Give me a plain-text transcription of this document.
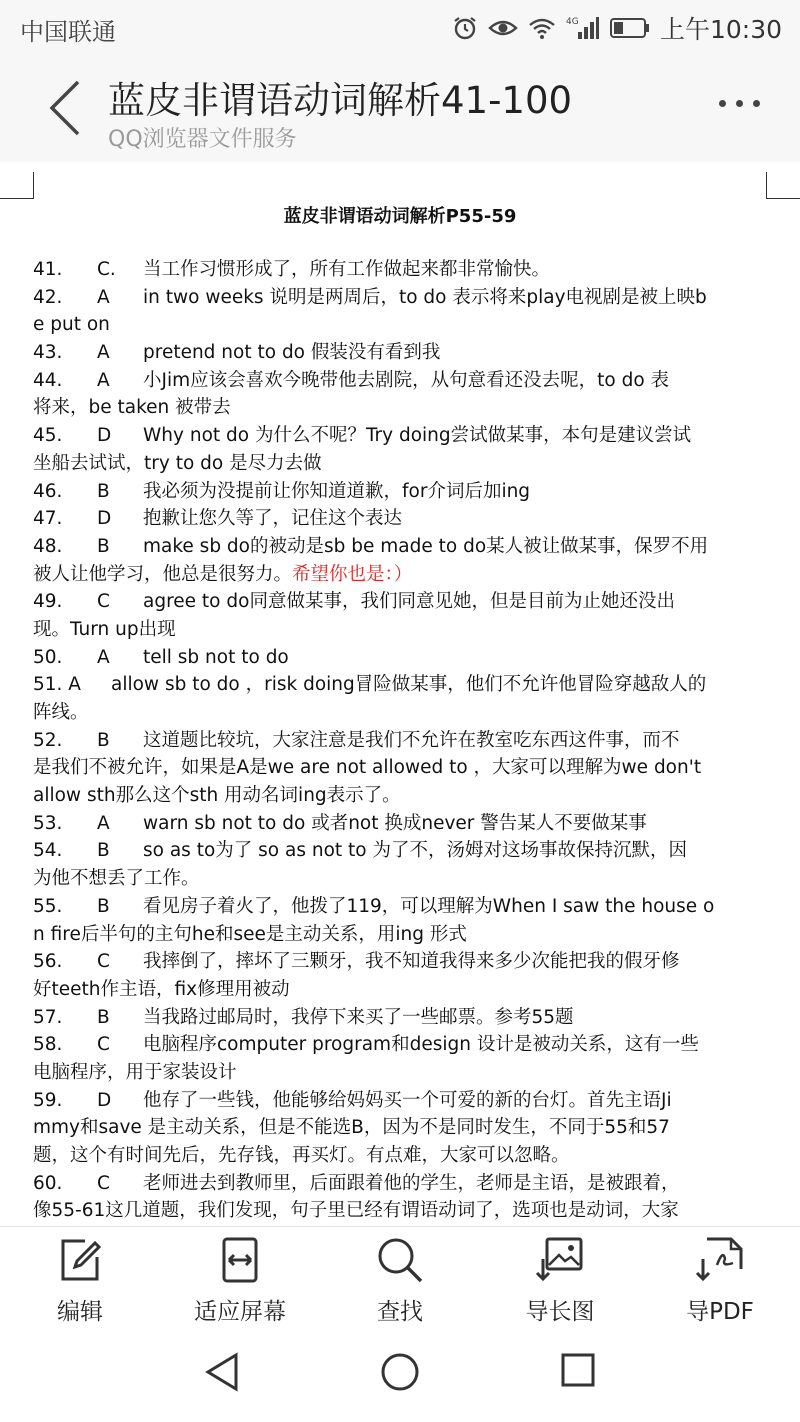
中国联通	4G	上午10:30
蓝皮非谓语动词解析41-100
QQ浏览器文件服务
蓝皮非谓语动词解析P55-59
41. C. 当工作习惯形成了，所有工作做起来都非常愉快。
42. A in two weeks 说明是两周后，to do 表示将来play电视剧是被上映b
e put on
43. A pretend not to do 假装没有看到我
44. A 小Jim应该会喜欢今晚带他去剧院，从句意看还没去呢，to do 表
将来，be taken 被带去
45. D Why not do 为什么不呢？Try doing尝试做某事，本句是建议尝试
坐船去试试，try to do 是尽力去做
46. B 我必须为没提前让你知道道歉，for介词后加ing
47. D 抱歉让您久等了，记住这个表达
48. B make sb do的被动是sb be made to do某人被让做某事，保罗不用
被人让他学习，他总是很努力。希望你也是：）
49. C agree to do同意做某事，我们同意见她，但是目前为止她还没出
现。Turn up出现
50. A tell sb not to do
51. A allow sb to do ，risk doing冒险做某事，他们不允许他冒险穿越敌人的
阵线。
52. B 这道题比较坑，大家注意是我们不允许在教室吃东西这件事，而不
是我们不被允许，如果是A是we are not allowed to ，大家可以理解为we don't
allow sth那么这个sth 用动名词ing表示了。
53. A warn sb not to do 或者not 换成never 警告某人不要做某事
54. B so as to为了 so as not to 为了不，汤姆对这场事故保持沉默，因
为他不想丢了工作。
55. B 看见房子着火了，他拨了119，可以理解为When I saw the house o
n fire后半句的主句he和see是主动关系，用ing 形式
56. C 我摔倒了，摔坏了三颗牙，我不知道我得来多少次能把我的假牙修
好teeth作主语，fix修理用被动
57. B 当我路过邮局时，我停下来买了一些邮票。参考55题
58. C 电脑程序computer program和design 设计是被动关系，这有一些
电脑程序，用于家装设计
59. D 他存了一些钱，他能够给妈妈买一个可爱的新的台灯。首先主语Ji
mmy和save 是主动关系，但是不能选B，因为不是同时发生，不同于55和57
题，这个有时间先后，先存钱，再买灯。有点难，大家可以忽略。
60. C 老师进去到教师里，后面跟着他的学生，老师是主语，是被跟着，
像55-61这几道题，我们发现，句子里已经有谓语动词了，选项也是动词，大家
编辑	适应屏幕	查找	导长图	导PDF
